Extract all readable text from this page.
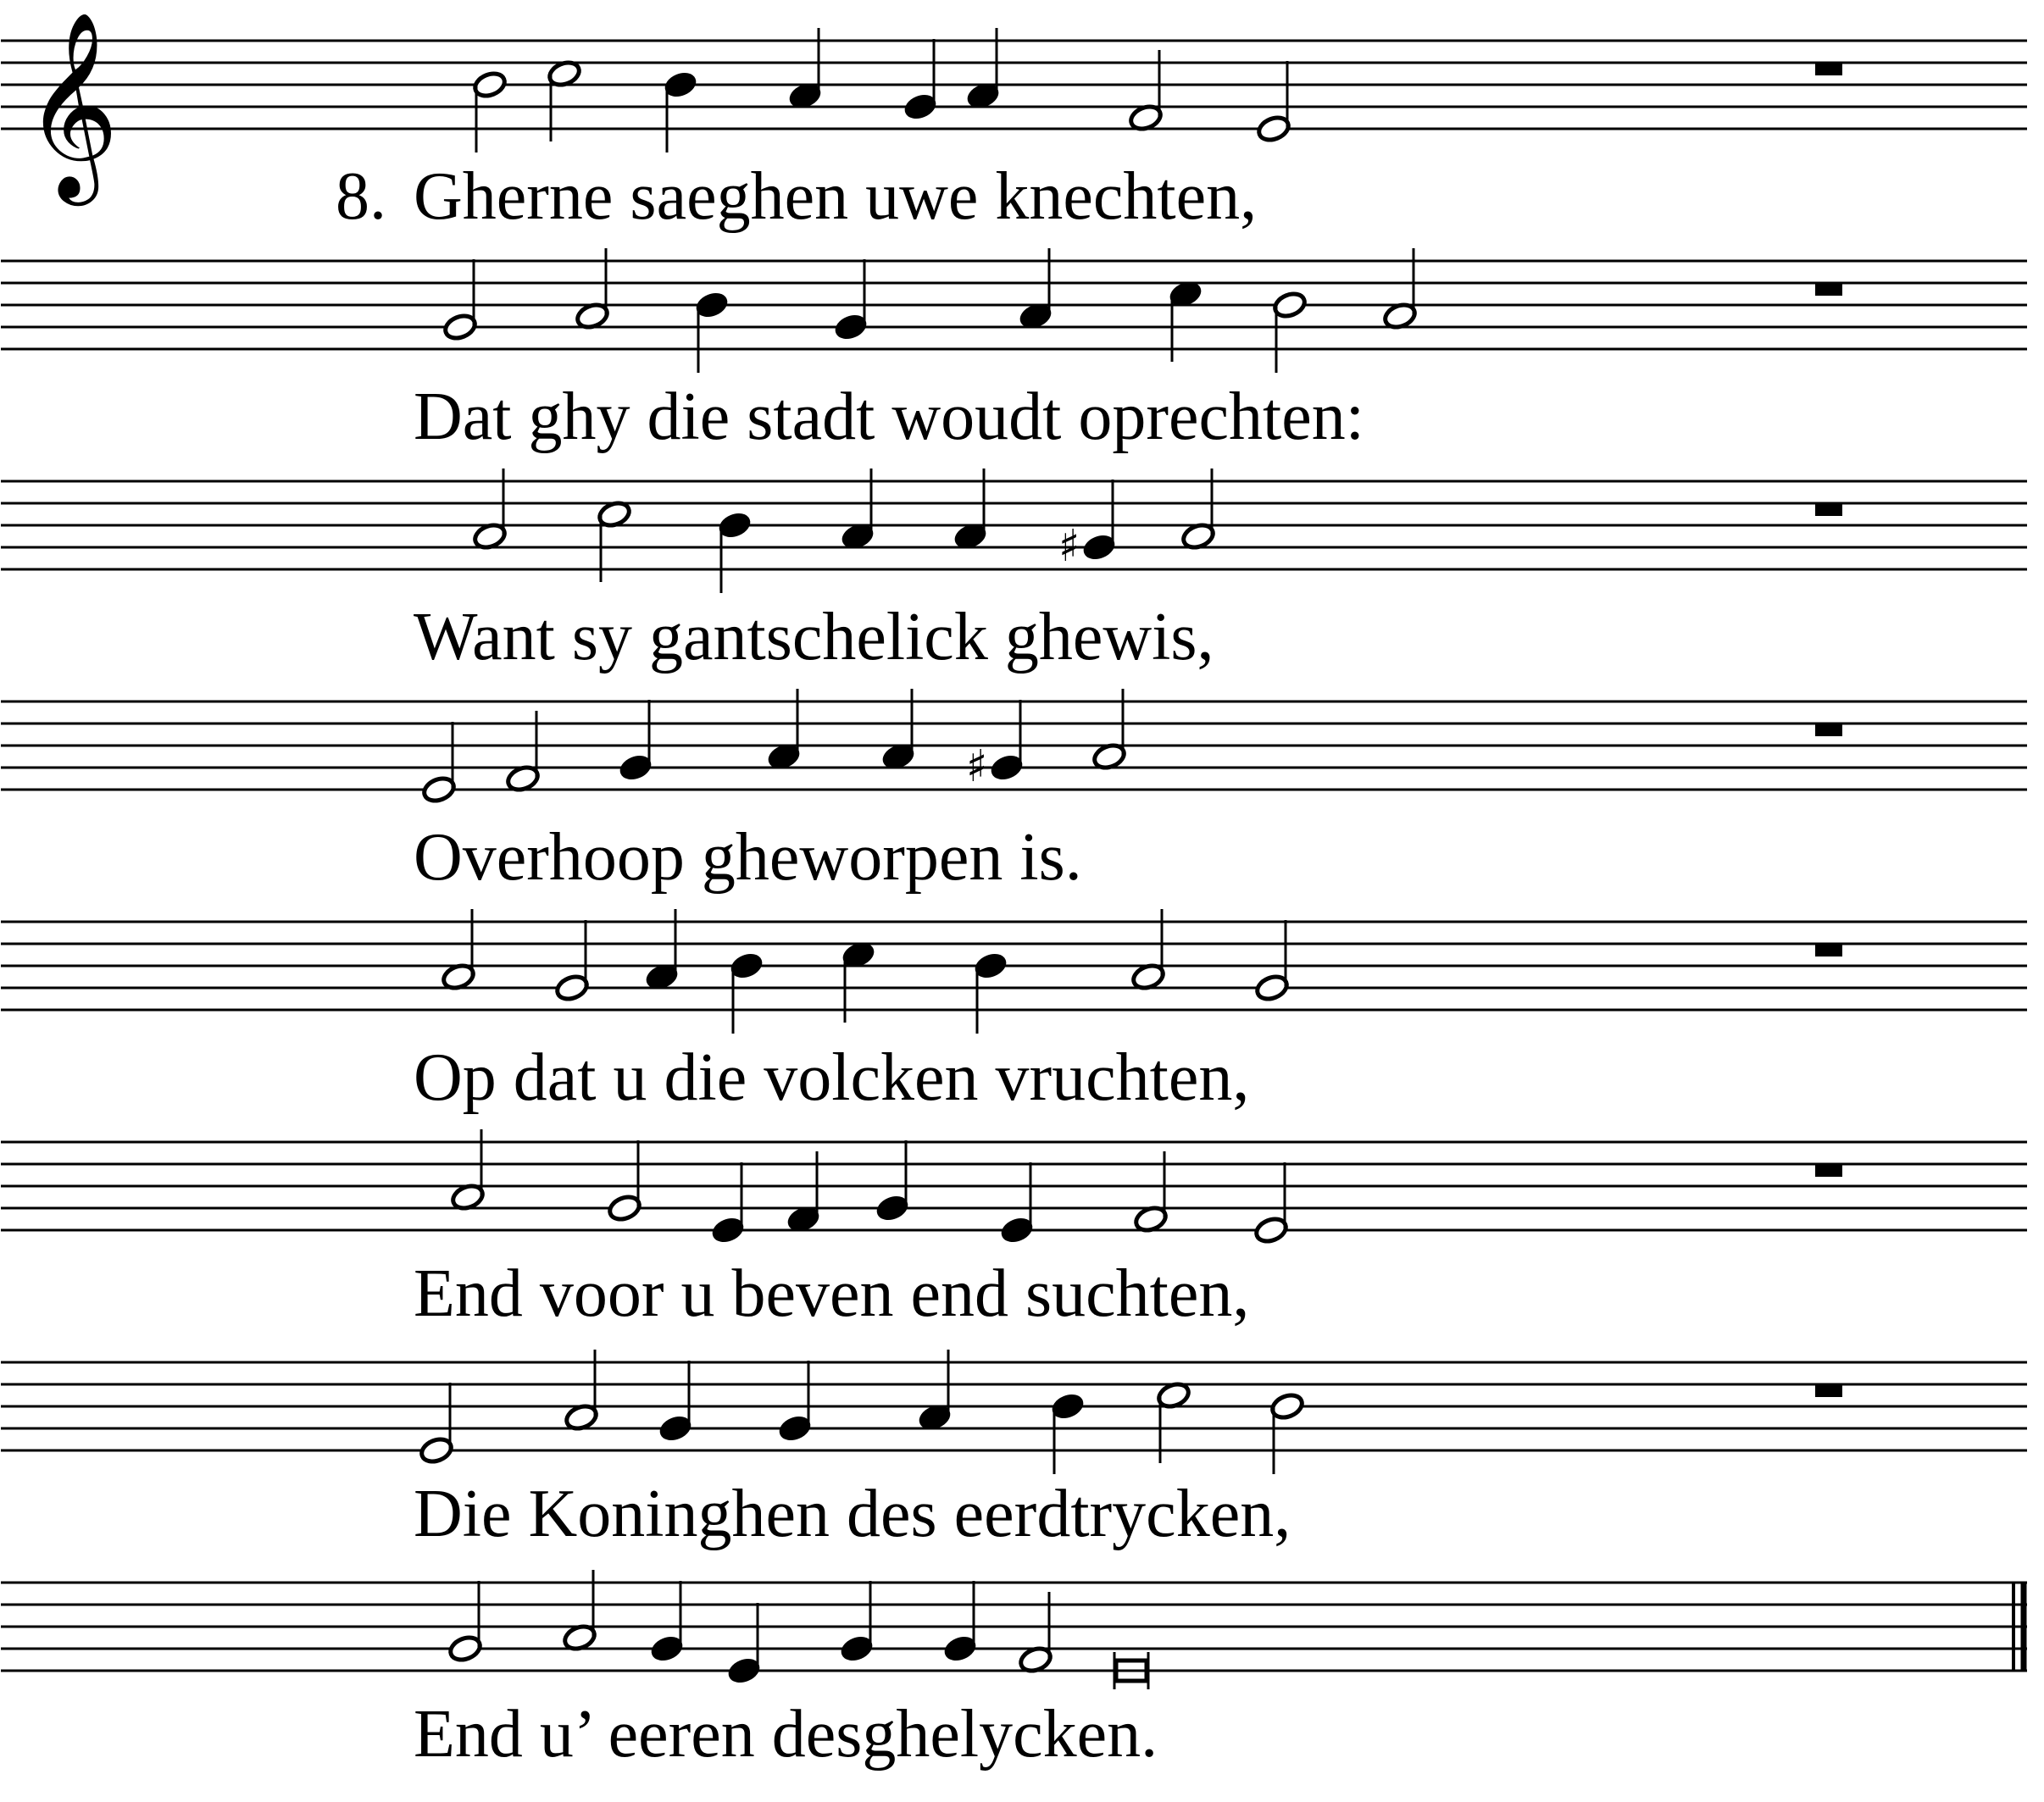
𝄞
♯
♯
8. Gherne saeghen uwe knechten,
Dat ghy die stadt woudt oprechten:
Want sy gantschelick ghewis,
Overhoop gheworpen is.
Op dat u die volcken vruchten,
End voor u beven end suchten,
Die Koninghen des eerdtrycken,
End u’ eeren desghelycken.
